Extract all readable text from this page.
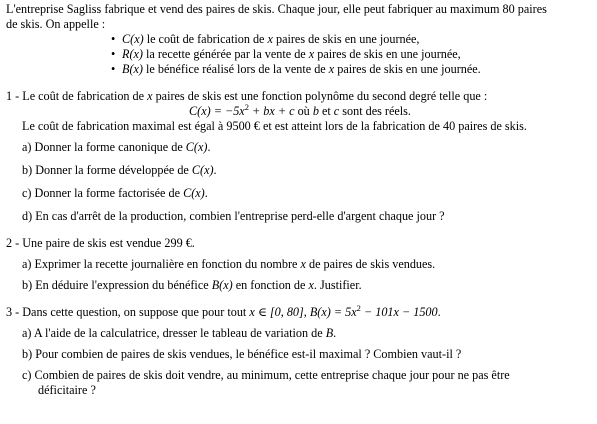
L'entreprise Sagliss fabrique et vend des paires de skis. Chaque jour, elle peut fabriquer au maximum 80 paires

de skis. On appelle :

• C(x) le coût de fabrication de x paires de skis en une journée,

• R(x) la recette générée par la vente de x paires de skis en une journée,

• B(x) le bénéfice réalisé lors de la vente de x paires de skis en une journée.

1 - Le coût de fabrication de x paires de skis est une fonction polynôme du second degré telle que :

$C(x) = -5x^2$ + bx + c où b et c sont des réels.

Le coût de fabrication maximal est égal à 9500 € et est atteint lors de la fabrication de 40 paires de skis.

a) Donner la forme canonique de C(x).

b) Donner la forme développée de C(x).

c) Donner la forme factorisée de C(x).

d) En cas d'arrêt de la production, combien l'entreprise perd-elle d'argent chaque jour ?

2 - Une paire de skis est vendue 299 €.

a) Exprimer la recette journalière en fonction du nombre x de paires de skis vendues.

b) En déduire l'expression du bénéfice B(x) en fonction de x. Justifier.

3 - Dans cette question, on suppose que pour tout x ∈ [0, 80], $B(x) = 5x^2 - 101x - 1500$.

a) A l'aide de la calculatrice, dresser le tableau de variation de B.

b) Pour combien de paires de skis vendues, le bénéfice est-il maximal ? Combien vaut-il ?

c) Combien de paires de skis doit vendre, au minimum, cette entreprise chaque jour pour ne pas être

déficitaire ?
